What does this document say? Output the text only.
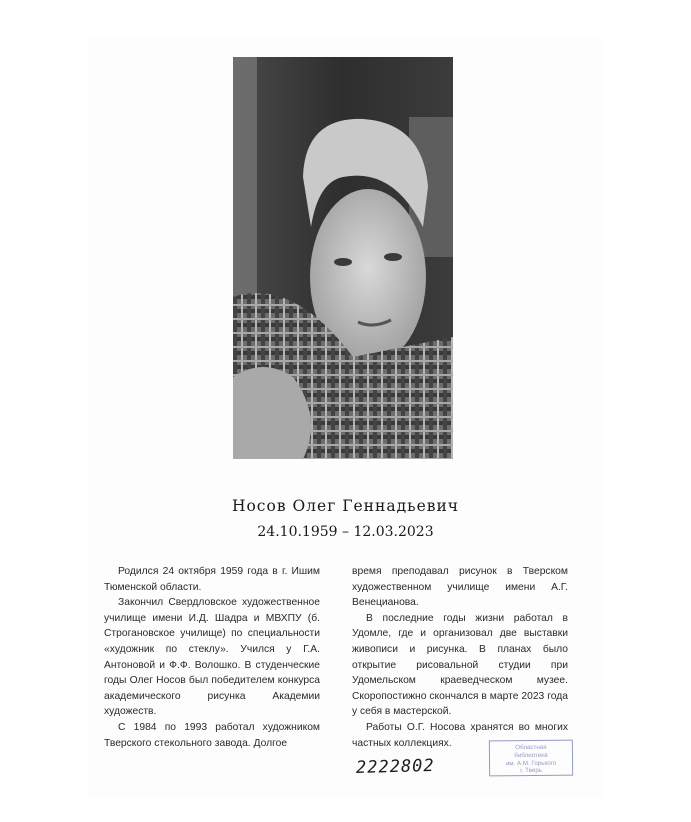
Носов Олег Геннадьевич
24.10.1959 – 12.03.2023

Родился 24 октября 1959 года в г. Ишим Тюменской области.

Закончил Свердловское художественное училище имени И.Д. Шадра и МВХПУ (б. Строгановское училище) по специальности «художник по стеклу». Учился у Г.А. Антоновой и Ф.Ф. Волошко. В студенческие годы Олег Носов был победителем конкурса академического рисунка Академии художеств.

С 1984 по 1993 работал художником Тверского стекольного завода. Долгое

время преподавал рисунок в Тверском художественном училище имени А.Г. Венецианова.

В последние годы жизни работал в Удомле, где и организовал две выставки живописи и рисунка. В планах было открытие рисовальной студии при Удомельском краеведческом музее. Скоропостижно скончался в марте 2023 года у себя в мастерской.

Работы О.Г. Носова хранятся во многих частных коллекциях.

2222802
Областная
библиотека
им. А.М. Горького
г. Тверь
